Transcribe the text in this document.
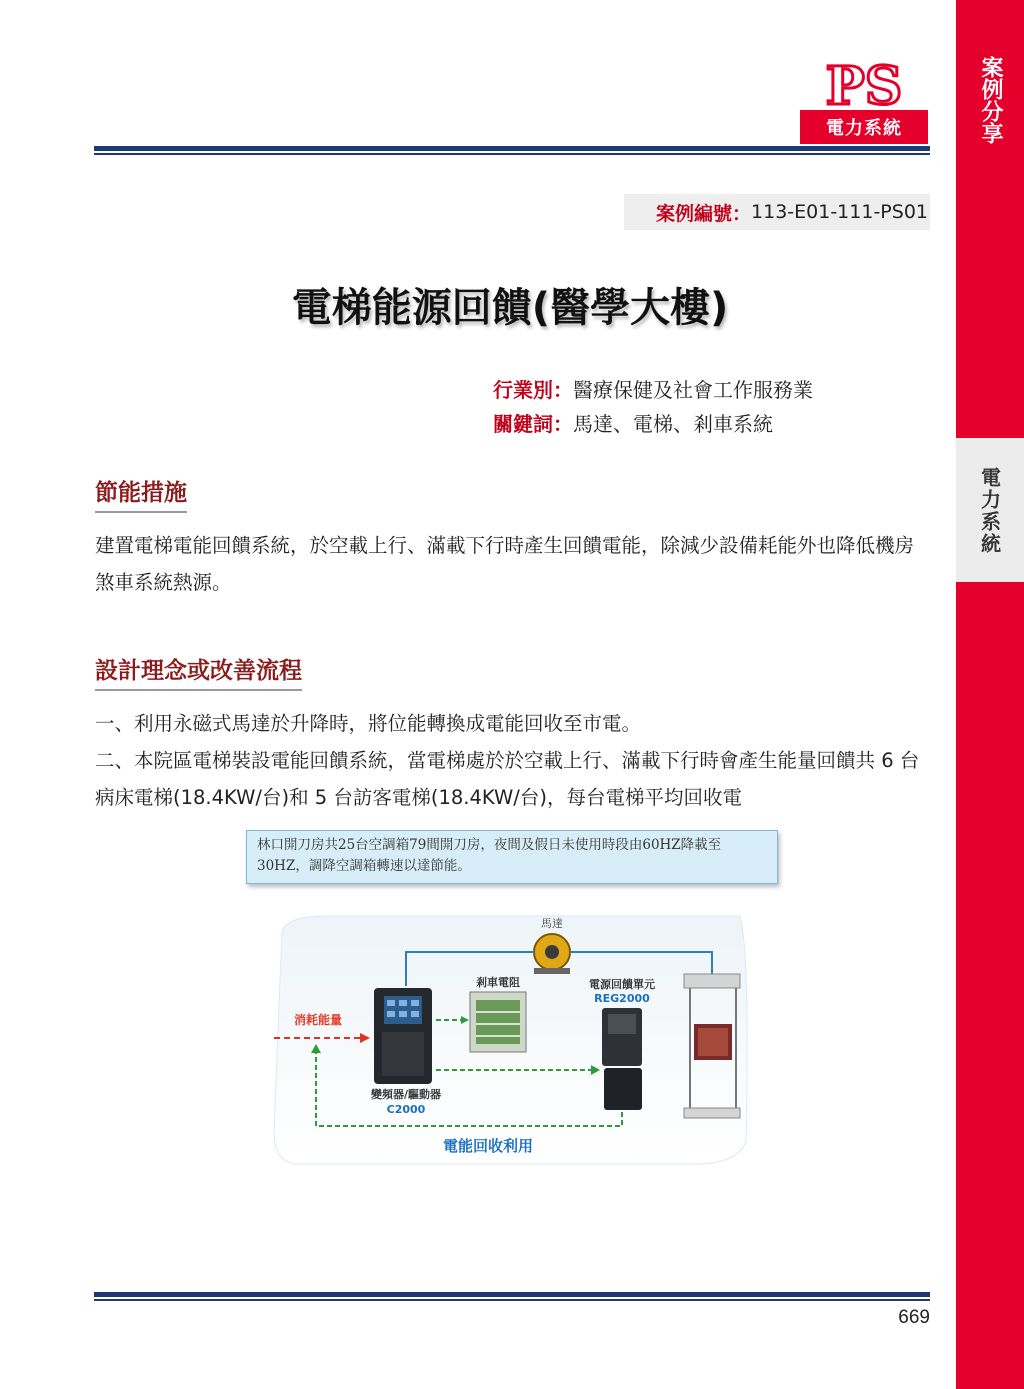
案例分享
電力系統
PS
電力系統
案例編號： 113-E01-111-PS01
電梯能源回饋(醫學大樓)
行業別：醫療保健及社會工作服務業
關鍵詞：馬達、電梯、剎車系統
節能措施
建置電梯電能回饋系統，於空載上行、滿載下行時產生回饋電能，除減少設備耗能外也降低機房煞車系統熱源。
設計理念或改善流程
一、利用永磁式馬達於升降時，將位能轉換成電能回收至市電。
二、本院區電梯裝設電能回饋系統，當電梯處於於空載上行、滿載下行時會產生能量回饋共 6 台病床電梯(18.4KW/台)和 5 台訪客電梯(18.4KW/台)，每台電梯平均回收電
林口開刀房共25台空調箱79間開刀房，夜間及假日未使用時段由60HZ降載至30HZ，調降空調箱轉速以達節能。
馬達
剎車電阻	電源回饋單元
REG2000
變頻器/驅動器
C2000
消耗能量
電能回收利用
669
